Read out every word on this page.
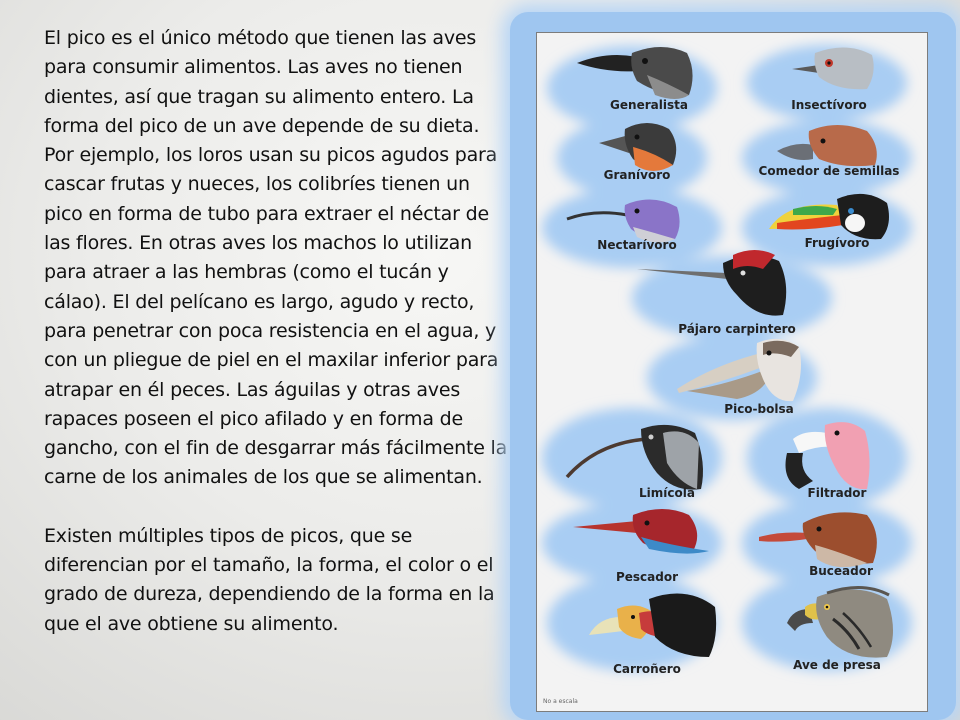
El pico es el único método que tienen las aves para consumir alimentos. Las aves no tienen dientes, así que tragan su alimento entero. La forma del pico de un ave depende de su dieta. Por ejemplo, los loros usan su picos agudos para cascar frutas y nueces, los colibríes tienen un pico en forma de tubo para extraer el néctar de las flores. En otras aves los machos lo utilizan para atraer a las hembras (como el tucán y cálao). El del pelícano es largo, agudo y recto, para penetrar con poca resistencia en el agua, y con un pliegue de piel en el maxilar inferior para atrapar en él peces. Las águilas y otras aves rapaces poseen el pico afilado y en forma de gancho, con el fin de desgarrar más fácilmente la carne de los animales de los que se alimentan.

Existen múltiples tipos de picos, que se diferencian por el tamaño, la forma, el color o el grado de dureza, dependiendo de la forma en la que el ave obtiene su alimento.

Generalista	Insectívoro
Granívoro	Comedor de semillas
Nectarívoro	Frugívoro
Pájaro carpintero
Pico-bolsa
Limícola	Filtrador
Pescador	Buceador
Carroñero	Ave de presa
No a escala
